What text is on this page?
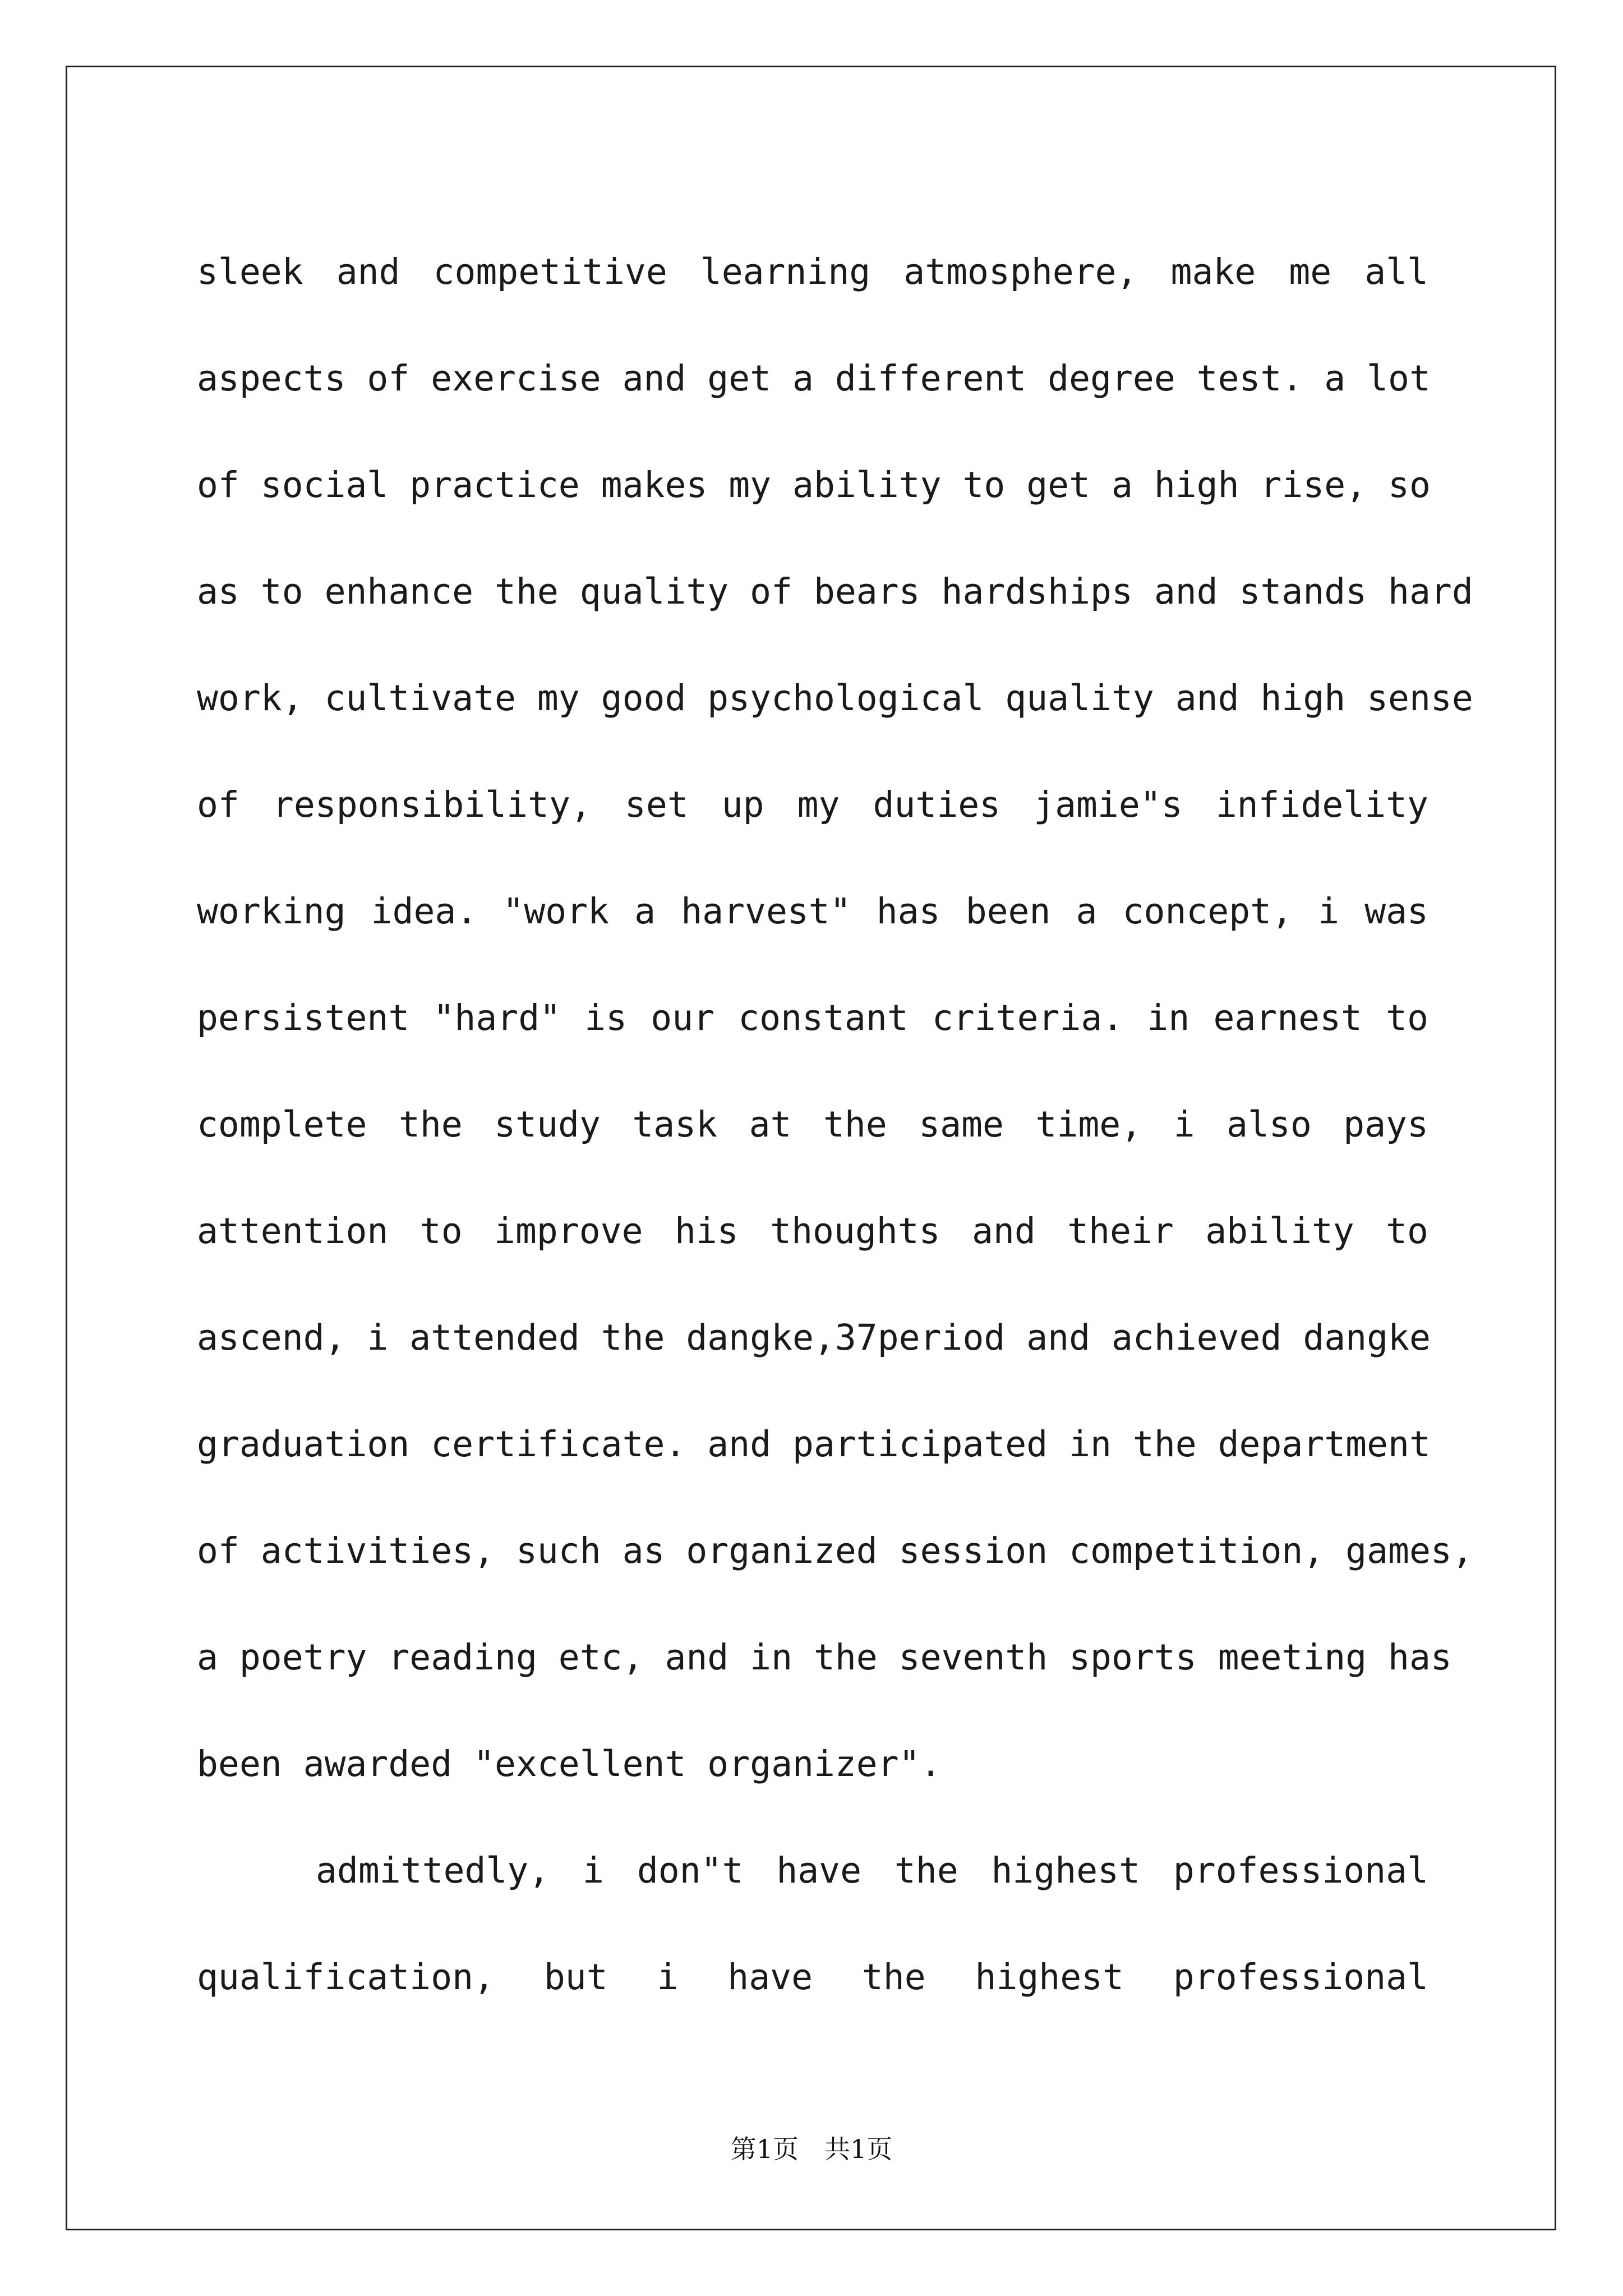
sleek and competitive learning atmosphere, make me all
aspects of exercise and get a different degree test. a lot
of social practice makes my ability to get a high rise, so
as to enhance the quality of bears hardships and stands hard
work, cultivate my good psychological quality and high sense
of responsibility, set up my duties jamie"s infidelity
working idea. "work a harvest" has been a concept, i was
persistent "hard" is our constant criteria. in earnest to
complete the study task at the same time, i also pays
attention to improve his thoughts and their ability to
ascend, i attended the dangke,37period and achieved dangke
graduation certificate. and participated in the department
of activities, such as organized session competition, games,
a poetry reading etc, and in the seventh sports meeting has
been awarded "excellent organizer".
admittedly, i don"t have the highest professional
qualification, but i have the highest professional
第1页　共1页
